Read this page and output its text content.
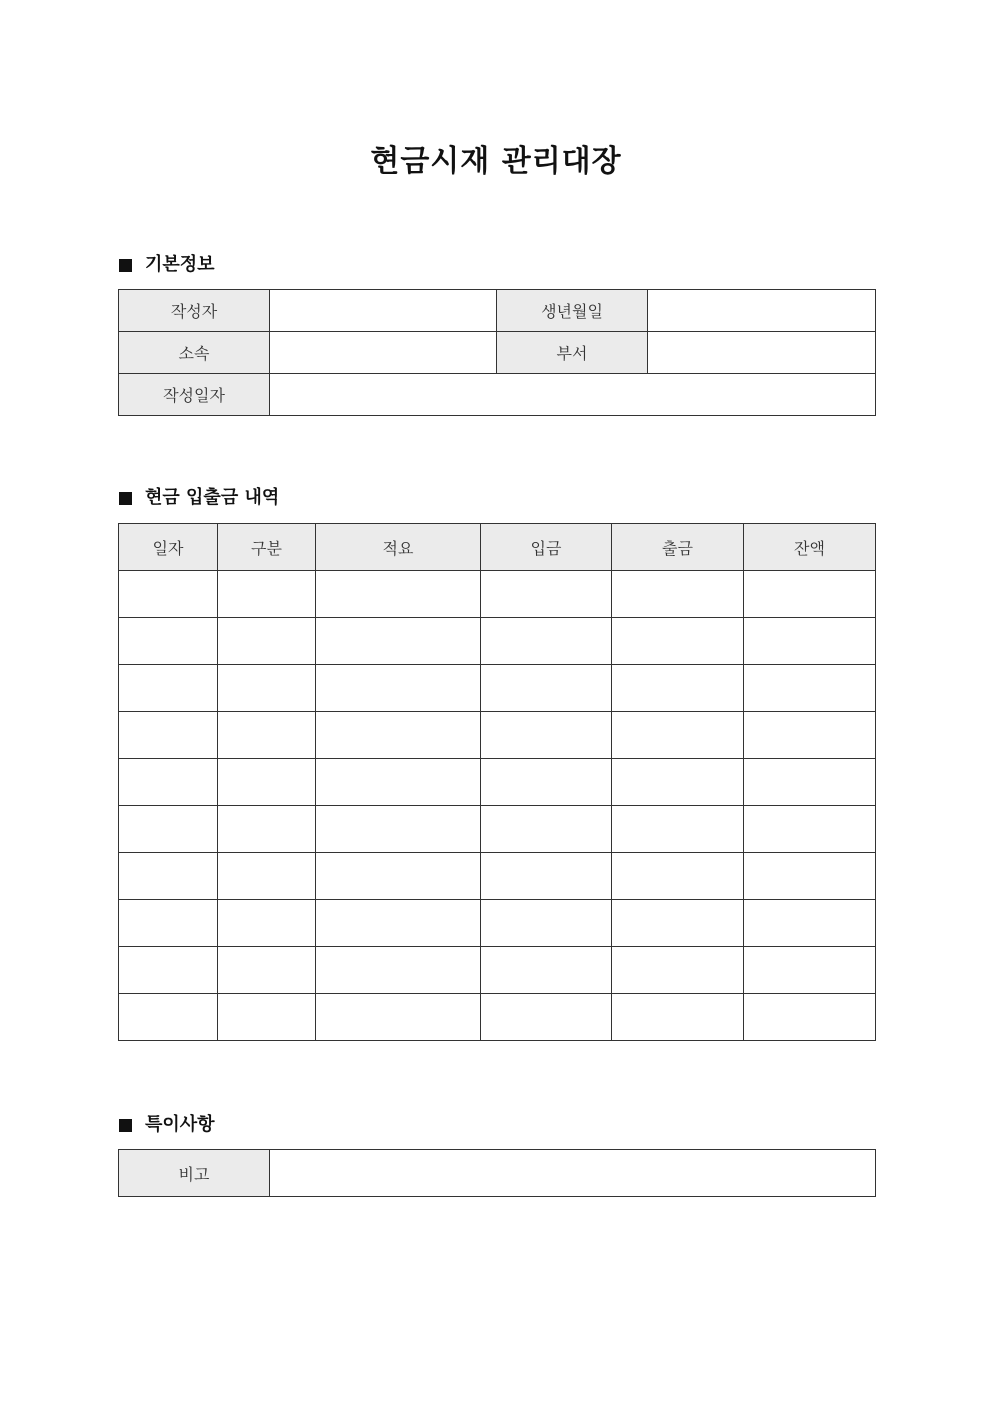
현금시재 관리대장
기본정보
작성자		생년월일	
소속		부서	
작성일자			
현금 입출금 내역
일자	구분	적요	입금	출금	잔액

특이사항
비고	
